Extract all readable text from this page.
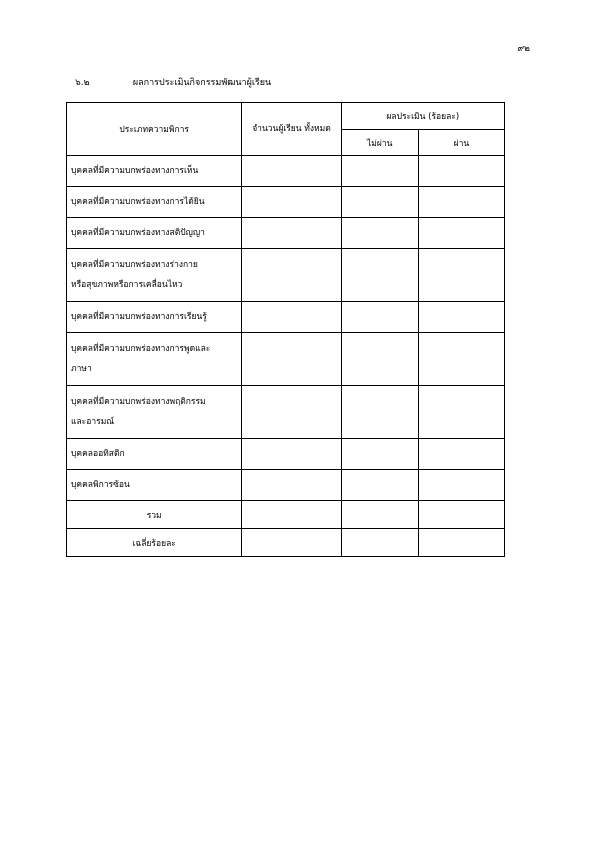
๙๒
๖.๒	ผลการประเมินกิจกรรมพัฒนาผู้เรียน
ประเภทความพิการ	จำนวนผู้เรียน ทั้งหมด	ผลประเมิน (ร้อยละ)	
		ไม่ผ่าน	ผ่าน
บุคคลที่มีความบกพร่องทางการเห็น			
บุคคลที่มีความบกพร่องทางการได้ยิน			
บุคคลที่มีความบกพร่องทางสติปัญญา			

บุคคลที่มีความบกพร่องทางร่างกาย
หรือสุขภาพหรือการเคลื่อนไหว			

บุคคลที่มีความบกพร่องทางการเรียนรู้			

บุคคลที่มีความบกพร่องทางการพูดและ
ภาษา			

บุคคลที่มีความบกพร่องทางพฤติกรรม
และอารมณ์			

บุคคลออทิสติก			
บุคคลพิการซ้อน			
รวม			
เฉลี่ยร้อยละ			
